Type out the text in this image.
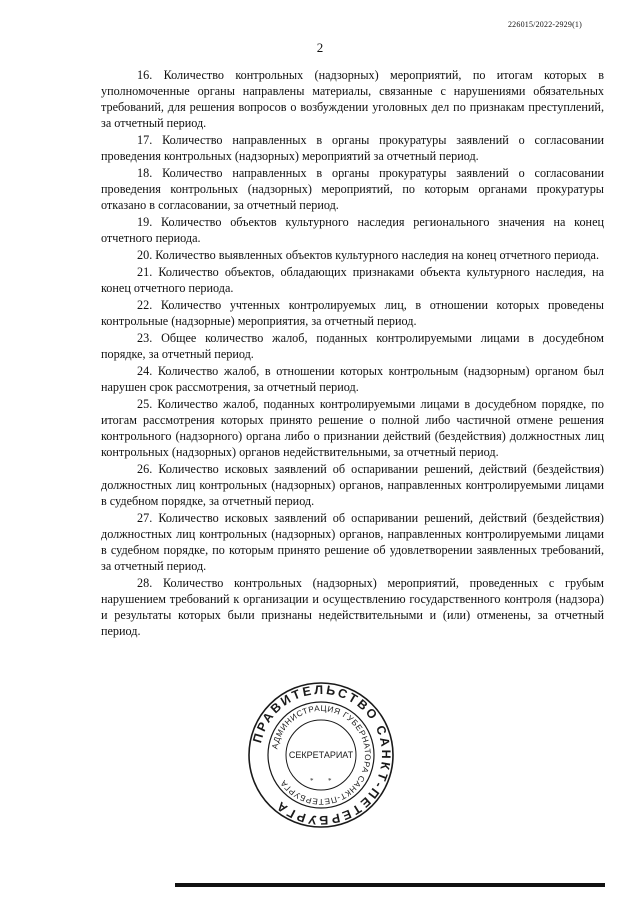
226015/2022-2929(1)
2

16. Количество контрольных (надзорных) мероприятий, по итогам которых в уполномоченные органы направлены материалы, связанные с нарушениями обязательных требований, для решения вопросов о возбуждении уголовных дел по признакам преступлений, за отчетный период.

17. Количество направленных в органы прокуратуры заявлений о согласовании проведения контрольных (надзорных) мероприятий за отчетный период.

18. Количество направленных в органы прокуратуры заявлений о согласовании проведения контрольных (надзорных) мероприятий, по которым органами прокуратуры отказано в согласовании, за отчетный период.

19. Количество объектов культурного наследия регионального значения на конец отчетного периода.

20. Количество выявленных объектов культурного наследия на конец отчетного периода.

21. Количество объектов, обладающих признаками объекта культурного наследия, на конец отчетного периода.

22. Количество учтенных контролируемых лиц, в отношении которых проведены контрольные (надзорные) мероприятия, за отчетный период.

23. Общее количество жалоб, поданных контролируемыми лицами в досудебном порядке, за отчетный период.

24. Количество жалоб, в отношении которых контрольным (надзорным) органом был нарушен срок рассмотрения, за отчетный период.

25. Количество жалоб, поданных контролируемыми лицами в досудебном порядке, по итогам рассмотрения которых принято решение о полной либо частичной отмене решения контрольного (надзорного) органа либо о признании действий (бездействия) должностных лиц контрольных (надзорных) органов недействительными, за отчетный период.

26. Количество исковых заявлений об оспаривании решений, действий (бездействия) должностных лиц контрольных (надзорных) органов, направленных контролируемыми лицами в судебном порядке, за отчетный период.

27. Количество исковых заявлений об оспаривании решений, действий (бездействия) должностных лиц контрольных (надзорных) органов, направленных контролируемыми лицами в судебном порядке, по которым принято решение об удовлетворении заявленных требований, за отчетный период.

28. Количество контрольных (надзорных) мероприятий, проведенных с грубым нарушением требований к организации и осуществлению государственного контроля (надзора) и результаты которых были признаны недействительными и (или) отменены, за отчетный период.

ПРАВИТЕЛЬСТВО САНКТ-ПЕТЕРБУРГА
АДМИНИСТРАЦИЯ ГУБЕРНАТОРА САНКТ-ПЕТЕРБУРГА
СЕКРЕТАРИАТ
* *
